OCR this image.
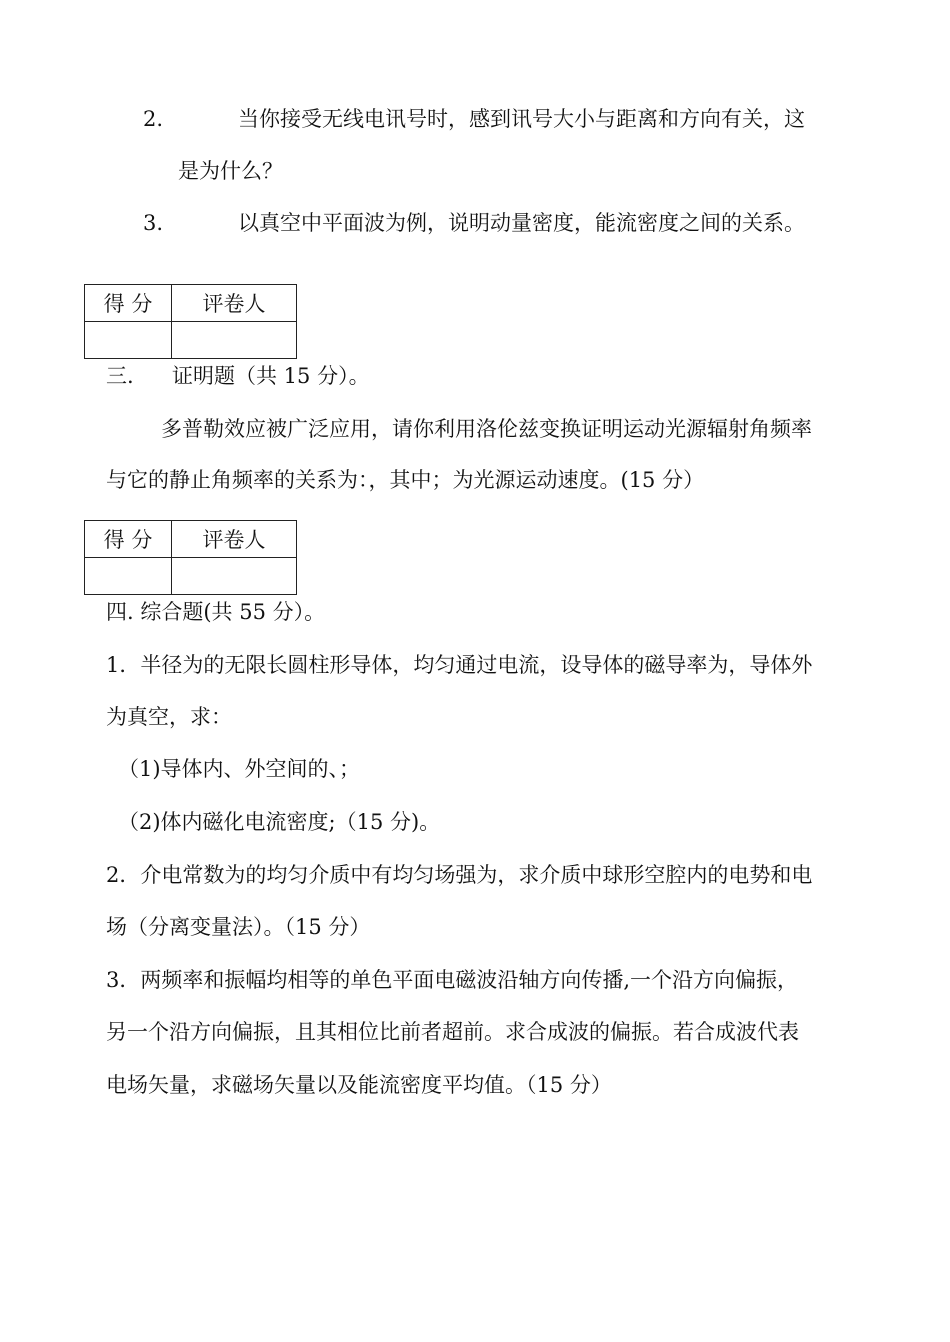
2.	当你接受无线电讯号时，感到讯号大小与距离和方向有关，这
是为什么？
3.	以真空中平面波为例，说明动量密度，能流密度之间的关系。
得 分	评卷人

三. 证明题（共 15 分）。
多普勒效应被广泛应用，请你利用洛伦兹变换证明运动光源辐射角频率
与它的静止角频率的关系为：，其中；为光源运动速度。(15 分）
得 分	评卷人

四. 综合题(共 55 分）。
1．半径为的无限长圆柱形导体，均匀通过电流，设导体的磁导率为，导体外
为真空，求：
（1)导体内、外空间的、；
（2)体内磁化电流密度;（15 分)。
2．介电常数为的均匀介质中有均匀场强为，求介质中球形空腔内的电势和电
场（分离变量法）。（15 分）
3．两频率和振幅均相等的单色平面电磁波沿轴方向传播,一个沿方向偏振，
另一个沿方向偏振，且其相位比前者超前。求合成波的偏振。若合成波代表
电场矢量，求磁场矢量以及能流密度平均值。（15 分）
